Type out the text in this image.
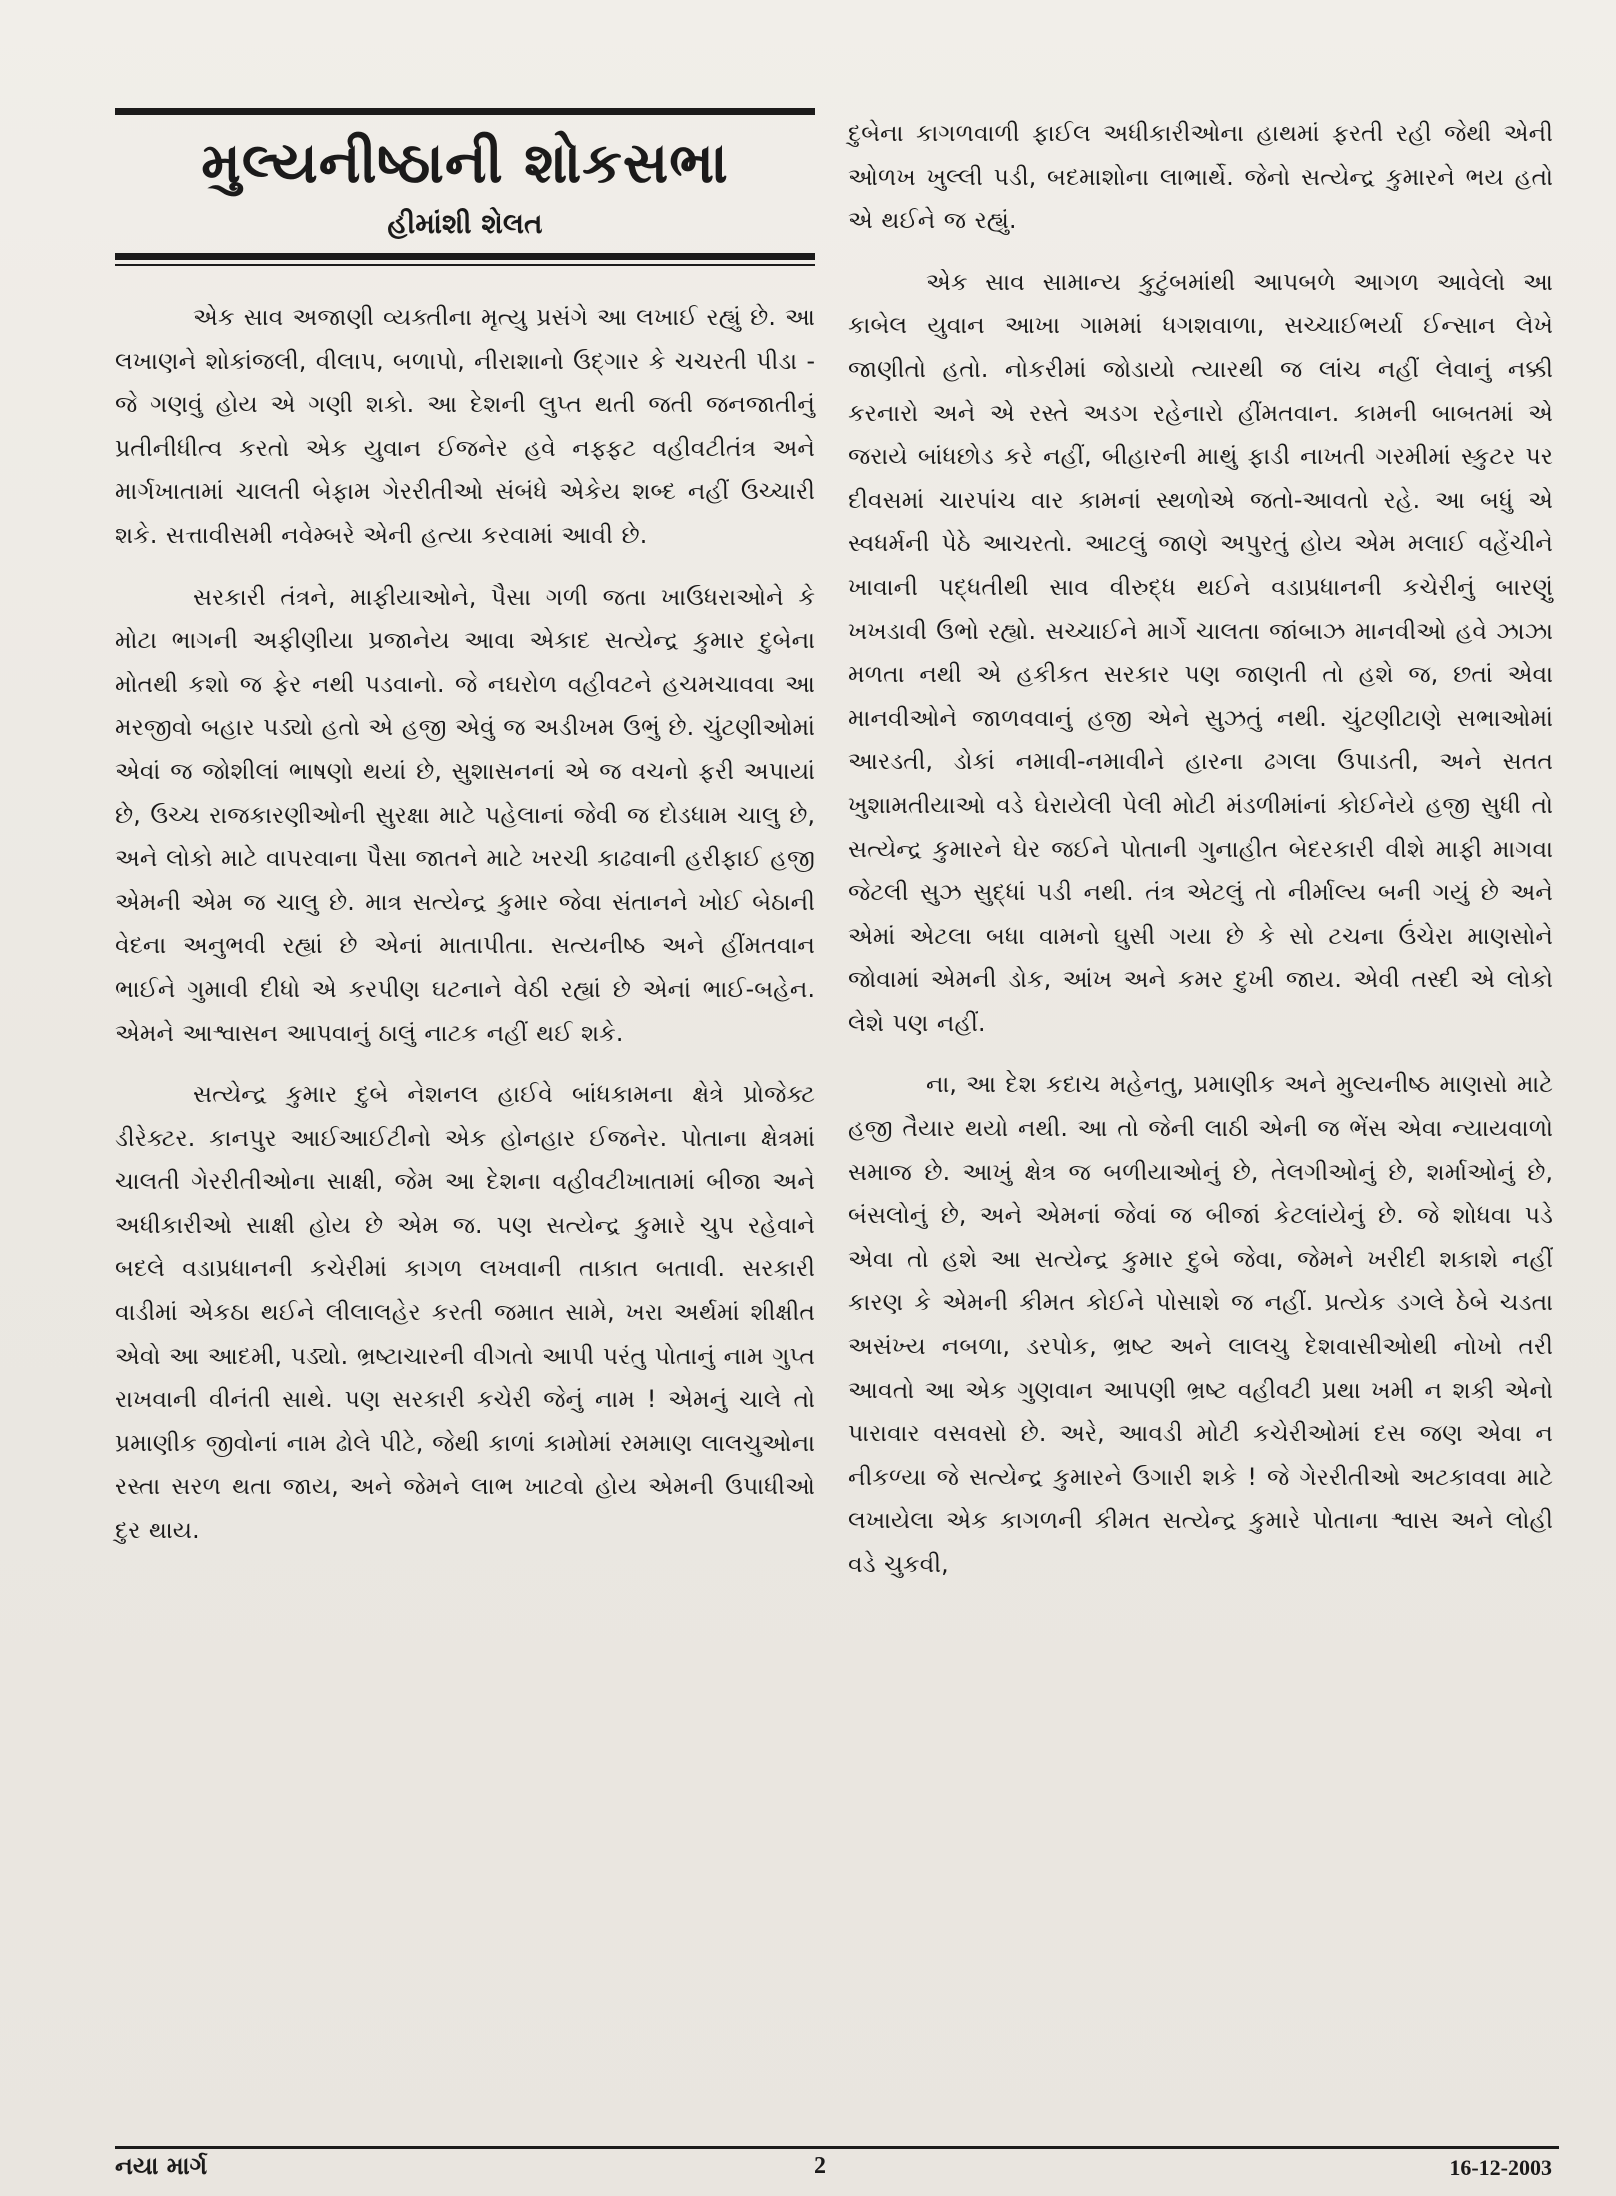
મુલ્યનીષ્ઠાની શોકસભા
હીમાંશી શેલત

એક સાવ અજાણી વ્યક્તીના મૃત્યુ પ્રસંગે આ લખાઈ રહ્યું છે. આ લખાણને શોકાંજલી, વીલાપ, બળાપો, નીરાશાનો ઉદ્‌ગાર કે ચચરતી પીડા - જે ગણવું હોય એ ગણી શકો. આ દેશની લુપ્ત થતી જતી જનજાતીનું પ્રતીનીધીત્વ કરતો એક યુવાન ઈજનેર હવે નફ્ફટ વહીવટીતંત્ર અને માર્ગખાતામાં ચાલતી બેફામ ગેરરીતીઓ સંબંધે એકેય શબ્દ નહીં ઉચ્ચારી શકે. સત્તાવીસમી નવેમ્બરે એની હત્યા કરવામાં આવી છે.

સરકારી તંત્રને, માફીયાઓને, પૈસા ગળી જતા ખાઉધરાઓને કે મોટા ભાગની અફીણીયા પ્રજાનેય આવા એકાદ સત્યેન્દ્ર કુમાર દુબેના મોતથી કશો જ ફેર નથી પડવાનો. જે નઘરોળ વહીવટને હચમચાવવા આ મરજીવો બહાર પડ્યો હતો એ હજી એવું જ અડીખમ ઉભું છે. ચુંટણીઓમાં એવાં જ જોશીલાં ભાષણો થયાં છે, સુશાસનનાં એ જ વચનો ફરી અપાયાં છે, ઉચ્ચ રાજકારણીઓની સુરક્ષા માટે પહેલાનાં જેવી જ દોડધામ ચાલુ છે, અને લોકો માટે વાપરવાના પૈસા જાતને માટે ખરચી કાઢવાની હરીફાઈ હજી એમની એમ જ ચાલુ છે. માત્ર સત્યેન્દ્ર કુમાર જેવા સંતાનને ખોઈ બેઠાની વેદના અનુભવી રહ્યાં છે એનાં માતાપીતા. સત્યનીષ્ઠ અને હીંમતવાન ભાઈને ગુમાવી દીધો એ કરપીણ ઘટનાને વેઠી રહ્યાં છે એનાં ભાઈ-બહેન. એમને આશ્વાસન આપવાનું ઠાલું નાટક નહીં થઈ શકે.

સત્યેન્દ્ર કુમાર દુબે નેશનલ હાઈવે બાંધકામના ક્ષેત્રે પ્રોજેક્ટ ડીરેક્ટર. કાનપુર આઈઆઈટીનો એક હોનહાર ઈજનેર. પોતાના ક્ષેત્રમાં ચાલતી ગેરરીતીઓના સાક્ષી, જેમ આ દેશના વહીવટીખાતામાં બીજા અને અધીકારીઓ સાક્ષી હોય છે એમ જ. પણ સત્યેન્દ્ર કુમારે ચુપ રહેવાને બદલે વડાપ્રધાનની કચેરીમાં કાગળ લખવાની તાકાત બતાવી. સરકારી વાડીમાં એકઠા થઈને લીલાલહેર કરતી જમાત સામે, ખરા અર્થમાં શીક્ષીત એવો આ આદમી, પડ્યો. ભ્રષ્ટાચારની વીગતો આપી પરંતુ પોતાનું નામ ગુપ્ત રાખવાની વીનંતી સાથે. પણ સરકારી કચેરી જેનું નામ ! એમનું ચાલે તો પ્રમાણીક જીવોનાં નામ ઢોલે પીટે, જેથી કાળાં કામોમાં રમમાણ લાલચુઓના રસ્તા સરળ થતા જાય, અને જેમને લાભ ખાટવો હોય એમની ઉપાધીઓ દુર થાય.

દુબેના કાગળવાળી ફાઈલ અધીકારીઓના હાથમાં ફરતી રહી જેથી એની ઓળખ ખુલ્લી પડી, બદમાશોના લાભાર્થે. જેનો સત્યેન્દ્ર કુમારને ભય હતો એ થઈને જ રહ્યું.

એક સાવ સામાન્ય કુટુંબમાંથી આપબળે આગળ આવેલો આ કાબેલ યુવાન આખા ગામમાં ધગશવાળા, સચ્ચાઈભર્યા ઈન્સાન લેખે જાણીતો હતો. નોકરીમાં જોડાયો ત્યારથી જ લાંચ નહીં લેવાનું નક્કી કરનારો અને એ રસ્તે અડગ રહેનારો હીંમતવાન. કામની બાબતમાં એ જરાયે બાંધછોડ કરે નહીં, બીહારની માથું ફાડી નાખતી ગરમીમાં સ્કુટર પર દીવસમાં ચારપાંચ વાર કામનાં સ્થળોએ જતો-આવતો રહે. આ બધું એ સ્વધર્મની પેઠે આચરતો. આટલું જાણે અપુરતું હોય એમ મલાઈ વહેંચીને ખાવાની પદ્ધતીથી સાવ વીરુદ્ધ થઈને વડાપ્રધાનની કચેરીનું બારણું ખખડાવી ઉભો રહ્યો. સચ્ચાઈને માર્ગે ચાલતા જાંબાઝ માનવીઓ હવે ઝાઝા મળતા નથી એ હકીકત સરકાર પણ જાણતી તો હશે જ, છતાં એવા માનવીઓને જાળવવાનું હજી એને સુઝતું નથી. ચુંટણીટાણે સભાઓમાં આરડતી, ડોકાં નમાવી-નમાવીને હારના ઢગલા ઉપાડતી, અને સતત ખુશામતીયાઓ વડે ઘેરાયેલી પેલી મોટી મંડળીમાંનાં કોઈનેયે હજી સુધી તો સત્યેન્દ્ર કુમારને ઘેર જઈને પોતાની ગુનાહીત બેદરકારી વીશે માફી માગવા જેટલી સુઝ સુદ્ધાં પડી નથી. તંત્ર એટલું તો નીર્માલ્ય બની ગયું છે અને એમાં એટલા બધા વામનો ઘુસી ગયા છે કે સો ટચના ઉંચેરા માણસોને જોવામાં એમની ડોક, આંખ અને કમર દુખી જાય. એવી તસ્દી એ લોકો લેશે પણ નહીં.

ના, આ દેશ કદાચ મહેનતુ, પ્રમાણીક અને મુલ્યનીષ્ઠ માણસો માટે હજી તૈયાર થયો નથી. આ તો જેની લાઠી એની જ ભેંસ એવા ન્યાયવાળો સમાજ છે. આખું ક્ષેત્ર જ બળીયાઓનું છે, તેલગીઓનું છે, શર્માઓનું છે, બંસલોનું છે, અને એમનાં જેવાં જ બીજાં કેટલાંયેનું છે. જે શોધવા પડે એવા તો હશે આ સત્યેન્દ્ર કુમાર દુબે જેવા, જેમને ખરીદી શકાશે નહીં કારણ કે એમની કીમત કોઈને પોસાશે જ નહીં. પ્રત્યેક ડગલે ઠેબે ચડતા અસંખ્ય નબળા, ડરપોક, ભ્રષ્ટ અને લાલચુ દેશવાસીઓથી નોખો તરી આવતો આ એક ગુણવાન આપણી ભ્રષ્ટ વહીવટી પ્રથા ખમી ન શકી એનો પારાવાર વસવસો છે. અરે, આવડી મોટી કચેરીઓમાં દસ જણ એવા ન નીકળ્યા જે સત્યેન્દ્ર કુમારને ઉગારી શકે ! જે ગેરરીતીઓ અટકાવવા માટે લખાયેલા એક કાગળની કીમત સત્યેન્દ્ર કુમારે પોતાના શ્વાસ અને લોહી વડે ચુકવી,

નયા માર્ગ	2	16-12-2003
